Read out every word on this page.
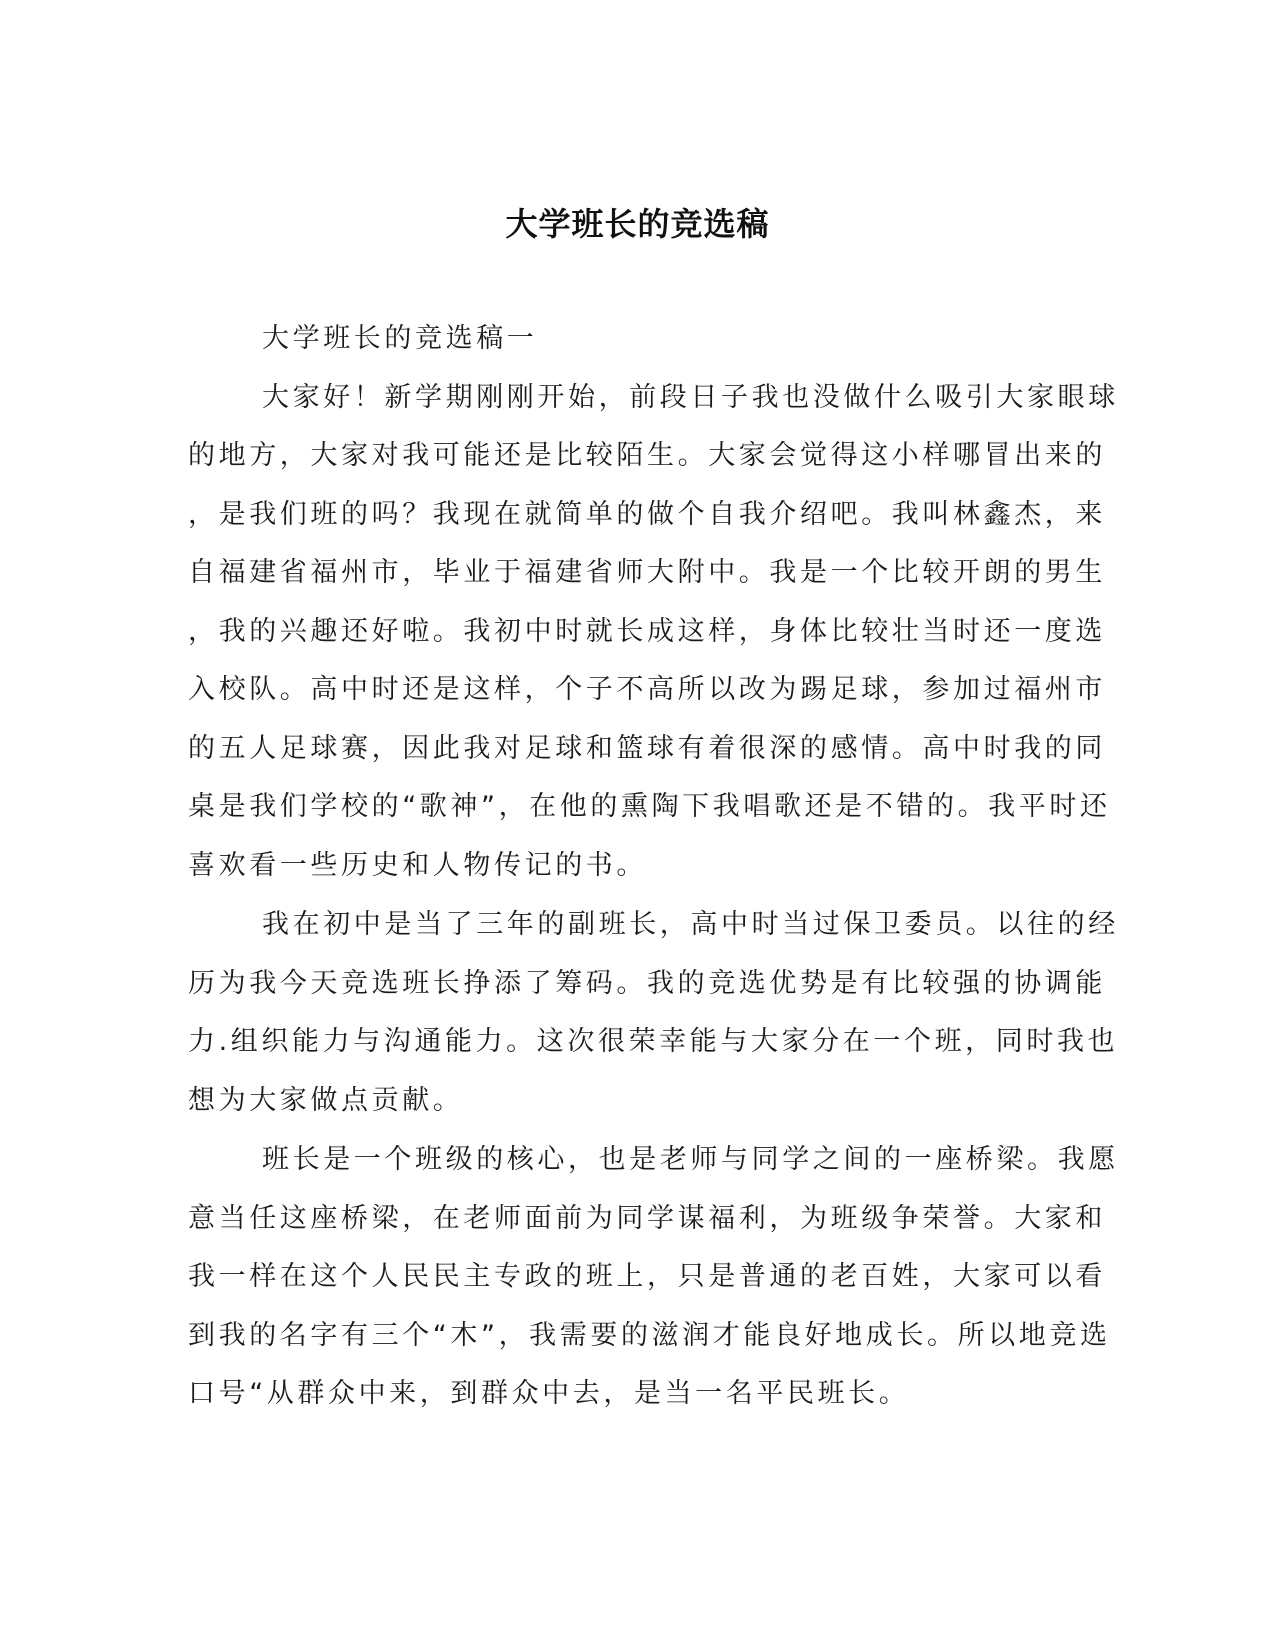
大学班长的竞选稿
大学班长的竞选稿一
大家好！新学期刚刚开始，前段日子我也没做什么吸引大家眼球
的地方，大家对我可能还是比较陌生。大家会觉得这小样哪冒出来的
，是我们班的吗？我现在就简单的做个自我介绍吧。我叫林鑫杰，来
自福建省福州市，毕业于福建省师大附中。我是一个比较开朗的男生
，我的兴趣还好啦。我初中时就长成这样，身体比较壮当时还一度选
入校队。高中时还是这样，个子不高所以改为踢足球，参加过福州市
的五人足球赛，因此我对足球和篮球有着很深的感情。高中时我的同
桌是我们学校的“歌神”，在他的熏陶下我唱歌还是不错的。我平时还
喜欢看一些历史和人物传记的书。
我在初中是当了三年的副班长，高中时当过保卫委员。以往的经
历为我今天竞选班长挣添了筹码。我的竞选优势是有比较强的协调能
力.组织能力与沟通能力。这次很荣幸能与大家分在一个班，同时我也
想为大家做点贡献。
班长是一个班级的核心，也是老师与同学之间的一座桥梁。我愿
意当任这座桥梁，在老师面前为同学谋福利，为班级争荣誉。大家和
我一样在这个人民民主专政的班上，只是普通的老百姓，大家可以看
到我的名字有三个“木”，我需要的滋润才能良好地成长。所以地竞选
口号“从群众中来，到群众中去，是当一名平民班长。
